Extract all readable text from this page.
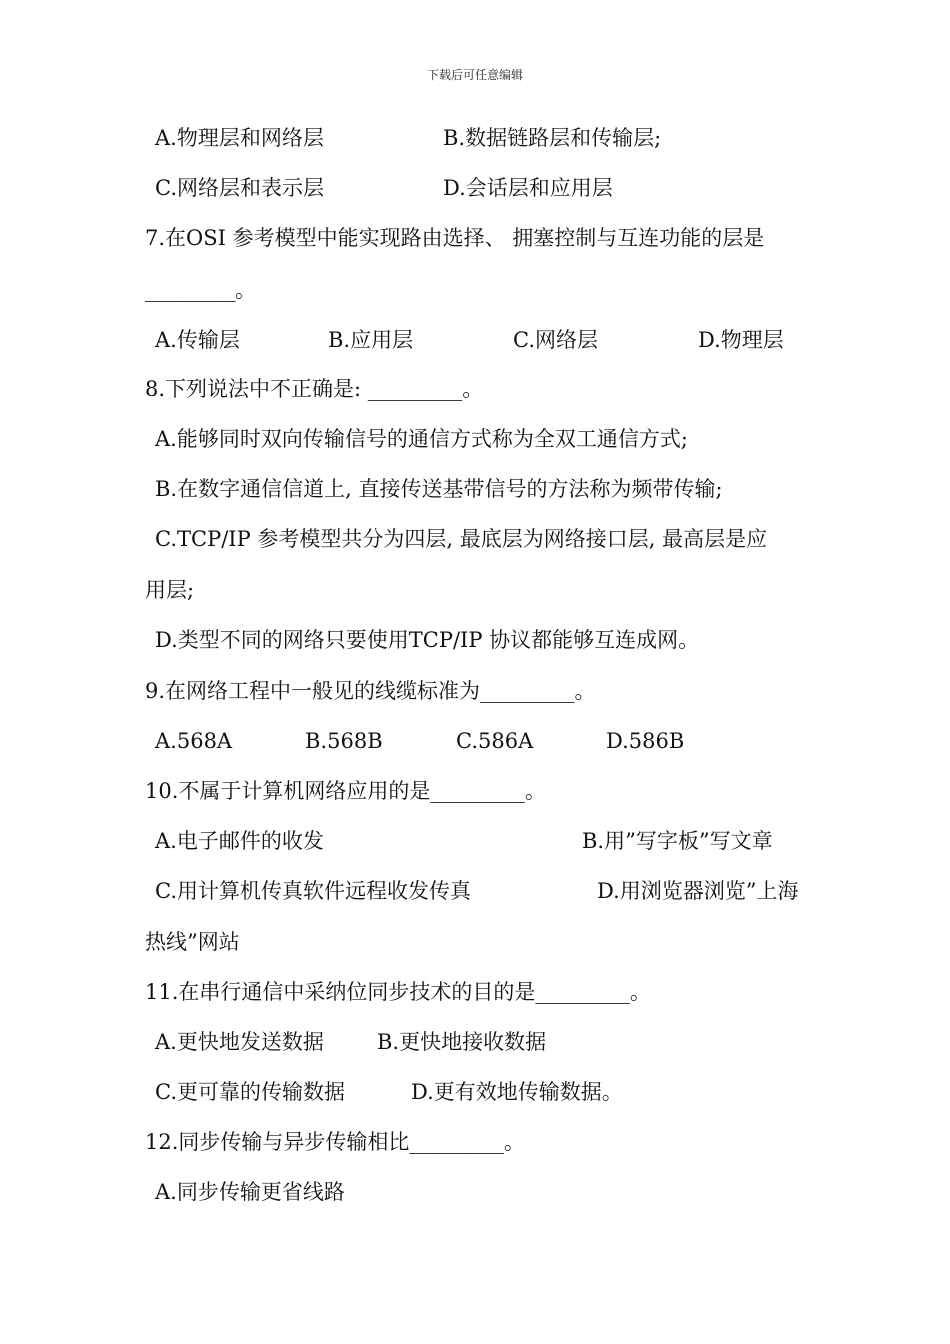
下载后可任意编辑
A.物理层和网络层	B.数据链路层和传输层;
C.网络层和表示层	D.会话层和应用层
7.在OSI 参考模型中能实现路由选择、 拥塞控制与互连功能的层是
_________。
A.传输层	B.应用层	C.网络层	D.物理层
8.下列说法中不正确是: _________。
A.能够同时双向传输信号的通信方式称为全双工通信方式;
B.在数字通信信道上, 直接传送基带信号的方法称为频带传输;
C.TCP/IP 参考模型共分为四层, 最底层为网络接口层, 最高层是应
用层;
D.类型不同的网络只要使用TCP/IP 协议都能够互连成网。
9.在网络工程中一般见的线缆标准为_________。
A.568A	B.568B	C.586A	D.586B
10.不属于计算机网络应用的是_________。
A.电子邮件的收发	B.用”写字板”写文章
C.用计算机传真软件远程收发传真	D.用浏览器浏览”上海
热线”网站
11.在串行通信中采纳位同步技术的目的是_________。
A.更快地发送数据	B.更快地接收数据
C.更可靠的传输数据	D.更有效地传输数据。
12.同步传输与异步传输相比_________。
A.同步传输更省线路
